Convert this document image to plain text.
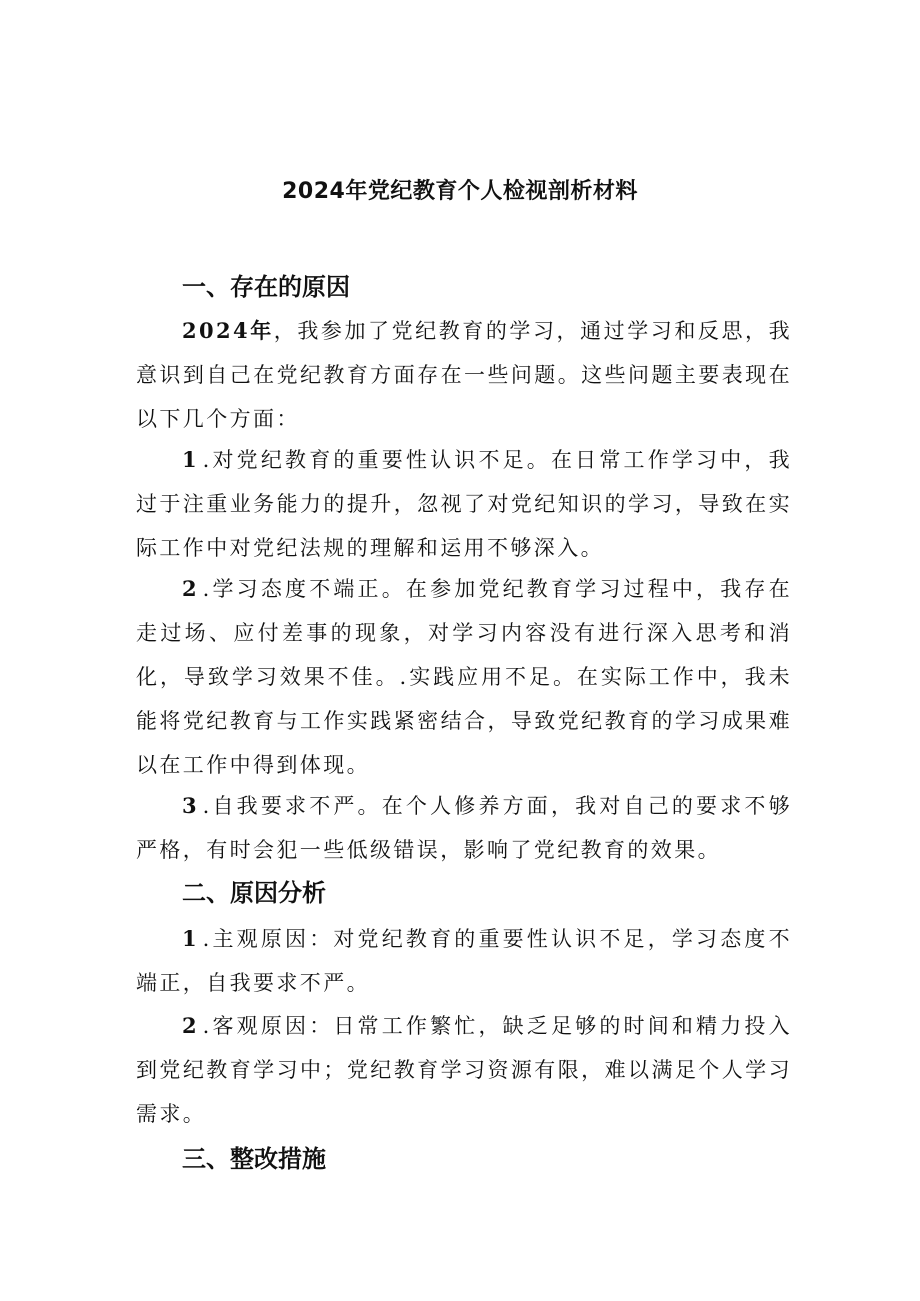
2024年党纪教育个人检视剖析材料
一、存在的原因

2024年，我参加了党纪教育的学习，通过学习和反思，我意识到自己在党纪教育方面存在一些问题。这些问题主要表现在以下几个方面：

1.对党纪教育的重要性认识不足。在日常工作学习中，我过于注重业务能力的提升，忽视了对党纪知识的学习，导致在实际工作中对党纪法规的理解和运用不够深入。

2.学习态度不端正。在参加党纪教育学习过程中，我存在走过场、应付差事的现象，对学习内容没有进行深入思考和消化，导致学习效果不佳。.实践应用不足。在实际工作中，我未能将党纪教育与工作实践紧密结合，导致党纪教育的学习成果难以在工作中得到体现。

3.自我要求不严。在个人修养方面，我对自己的要求不够严格，有时会犯一些低级错误，影响了党纪教育的效果。

二、原因分析

1.主观原因：对党纪教育的重要性认识不足，学习态度不端正，自我要求不严。

2.客观原因：日常工作繁忙，缺乏足够的时间和精力投入到党纪教育学习中；党纪教育学习资源有限，难以满足个人学习需求。

三、整改措施
